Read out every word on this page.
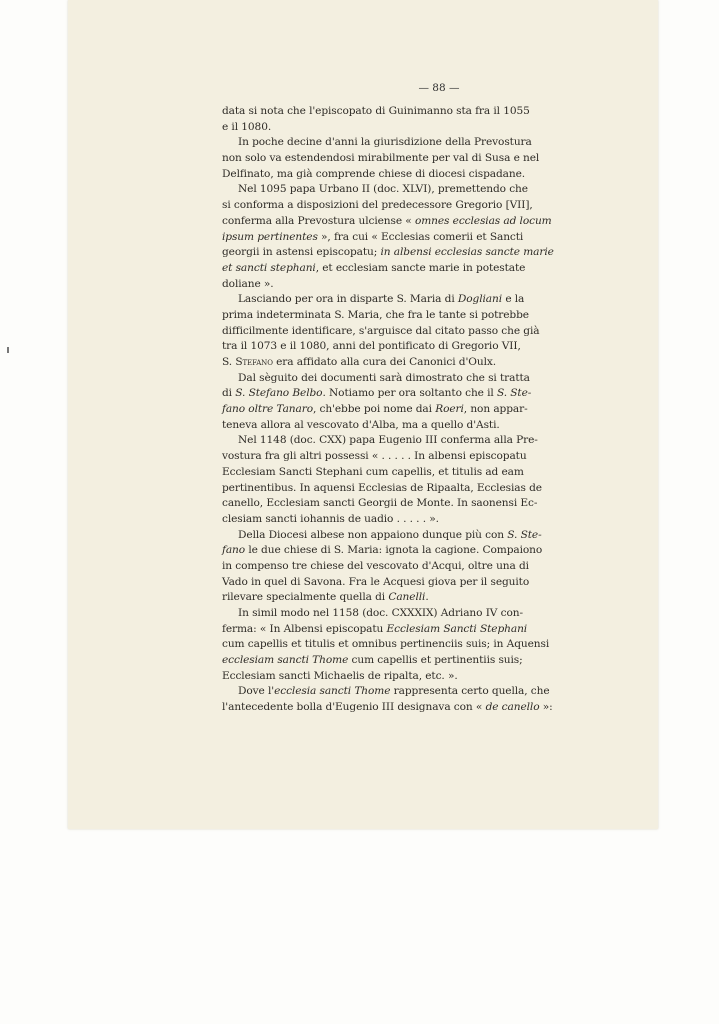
— 88 —
data si nota che l'episcopato di Guinimanno sta fra il 1055
e il 1080.
In poche decine d'anni la giurisdizione della Prevostura
non solo va estendendosi mirabilmente per val di Susa e nel
Delfinato, ma già comprende chiese di diocesi cispadane.
Nel 1095 papa Urbano II (doc. XLVI), premettendo che
si conforma a disposizioni del predecessore Gregorio [VII],
conferma alla Prevostura ulciense « omnes ecclesias ad locum
ipsum pertinentes », fra cui « Ecclesias comerii et Sancti
georgii in astensi episcopatu; in albensi ecclesias sancte marie
et sancti stephani, et ecclesiam sancte marie in potestate
doliane ».
Lasciando per ora in disparte S. Maria di Dogliani e la
prima indeterminata S. Maria, che fra le tante si potrebbe
difficilmente identificare, s'arguisce dal citato passo che già
tra il 1073 e il 1080, anni del pontificato di Gregorio VII,
S. Stefano era affidato alla cura dei Canonici d'Oulx.
Dal sèguito dei documenti sarà dimostrato che si tratta
di S. Stefano Belbo. Notiamo per ora soltanto che il S. Ste-
fano oltre Tanaro, ch'ebbe poi nome dai Roeri, non appar-
teneva allora al vescovato d'Alba, ma a quello d'Asti.
Nel 1148 (doc. CXX) papa Eugenio III conferma alla Pre-
vostura fra gli altri possessi « . . . . . In albensi episcopatu
Ecclesiam Sancti Stephani cum capellis, et titulis ad eam
pertinentibus. In aquensi Ecclesias de Ripaalta, Ecclesias de
canello, Ecclesiam sancti Georgii de Monte. In saonensi Ec-
clesiam sancti iohannis de uadio . . . . . ».
Della Diocesi albese non appaiono dunque più con S. Ste-
fano le due chiese di S. Maria: ignota la cagione. Compaiono
in compenso tre chiese del vescovato d'Acqui, oltre una di
Vado in quel di Savona. Fra le Acquesi giova per il seguito
rilevare specialmente quella di Canelli.
In simil modo nel 1158 (doc. CXXXIX) Adriano IV con-
ferma: « In Albensi episcopatu Ecclesiam Sancti Stephani
cum capellis et titulis et omnibus pertinenciis suis; in Aquensi
ecclesiam sancti Thome cum capellis et pertinentiis suis;
Ecclesiam sancti Michaelis de ripalta, etc. ».
Dove l'ecclesia sancti Thome rappresenta certo quella, che
l'antecedente bolla d'Eugenio III designava con « de canello »:
